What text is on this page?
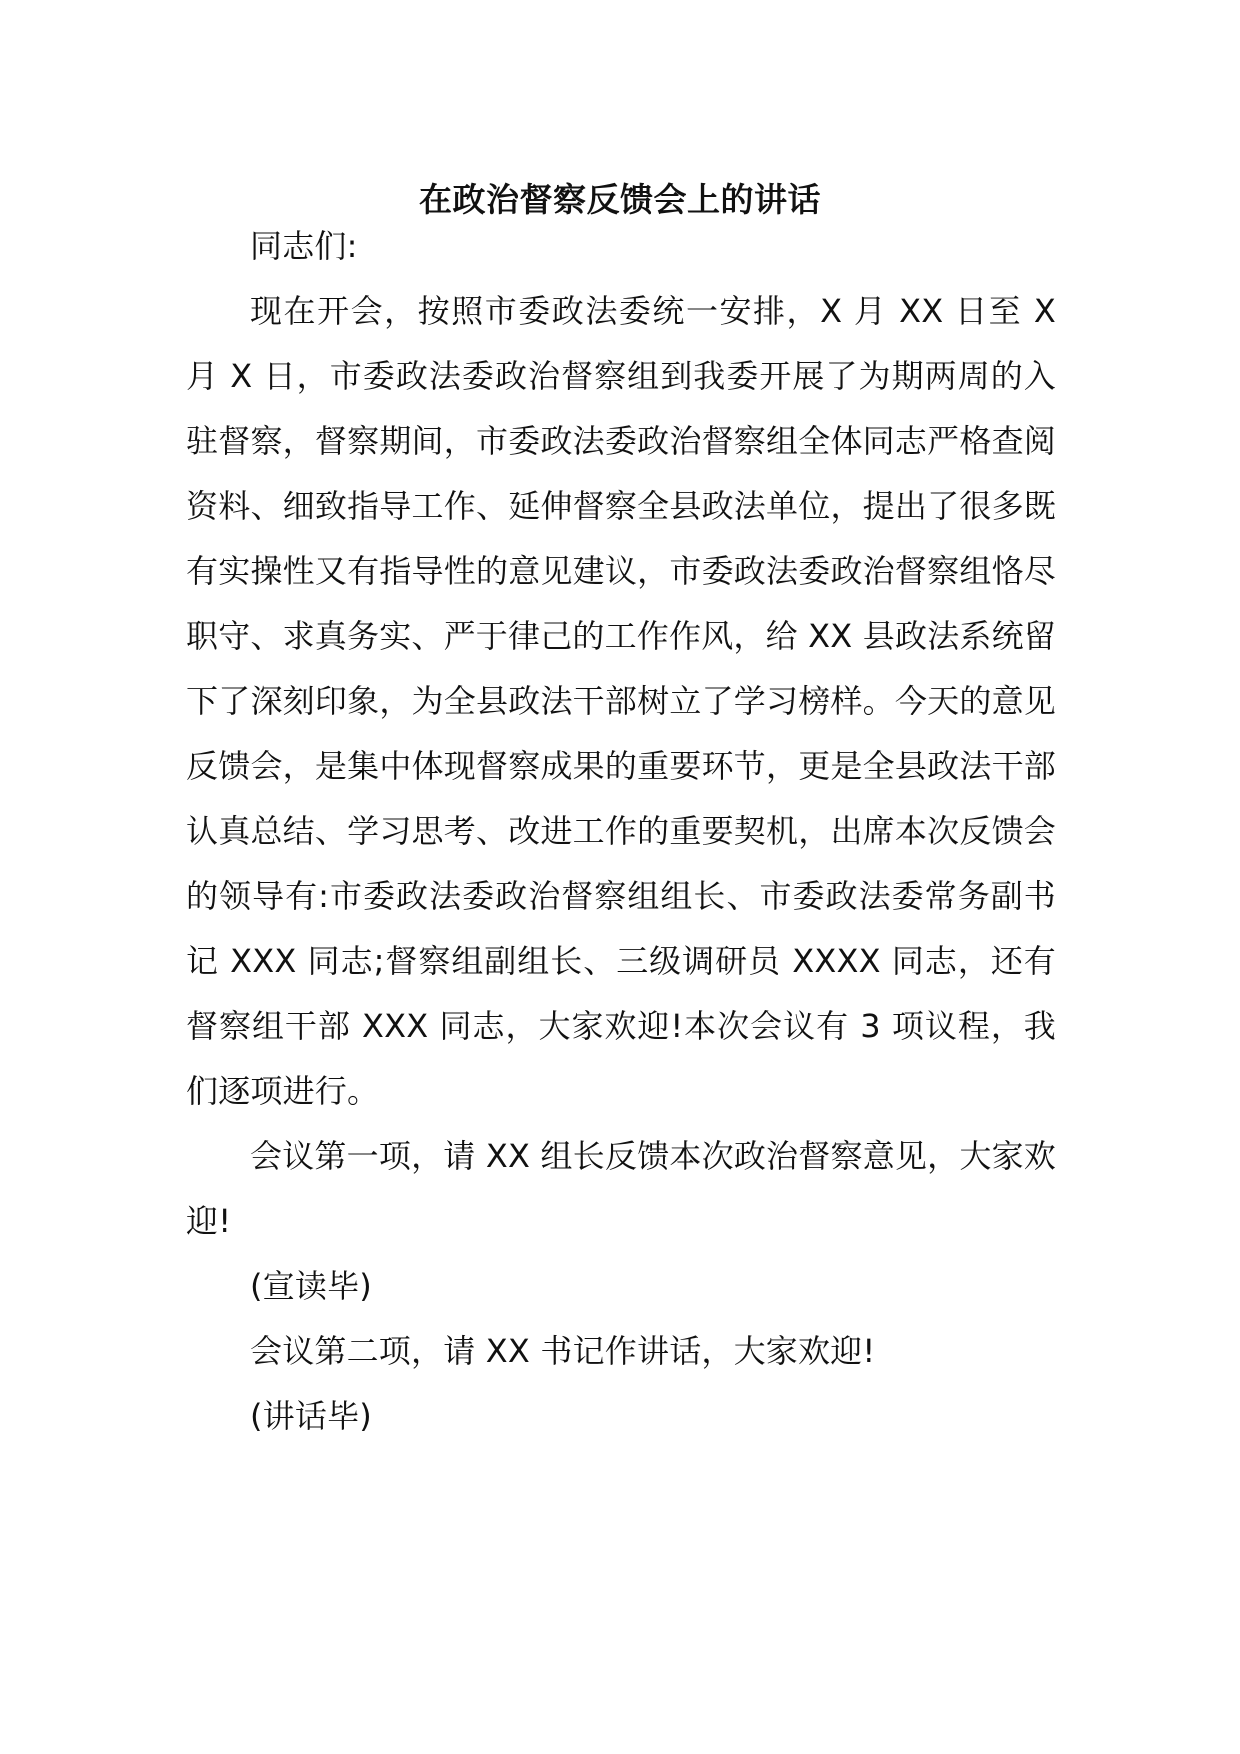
在政治督察反馈会上的讲话

同志们:

现在开会，按照市委政法委统一安排，X 月 XX 日至 X 月 X 日，市委政法委政治督察组到我委开展了为期两周的入驻督察，督察期间，市委政法委政治督察组全体同志严格查阅资料、细致指导工作、延伸督察全县政法单位，提出了很多既有实操性又有指导性的意见建议，市委政法委政治督察组恪尽职守、求真务实、严于律己的工作作风，给 XX 县政法系统留下了深刻印象，为全县政法干部树立了学习榜样。今天的意见反馈会，是集中体现督察成果的重要环节，更是全县政法干部认真总结、学习思考、改进工作的重要契机，出席本次反馈会的领导有:市委政法委政治督察组组长、市委政法委常务副书记 XXX 同志;督察组副组长、三级调研员 XXXX 同志，还有督察组干部 XXX 同志，大家欢迎!本次会议有 3 项议程，我们逐项进行。

会议第一项，请 XX 组长反馈本次政治督察意见，大家欢迎!

(宣读毕)

会议第二项，请 XX 书记作讲话，大家欢迎!

(讲话毕)
